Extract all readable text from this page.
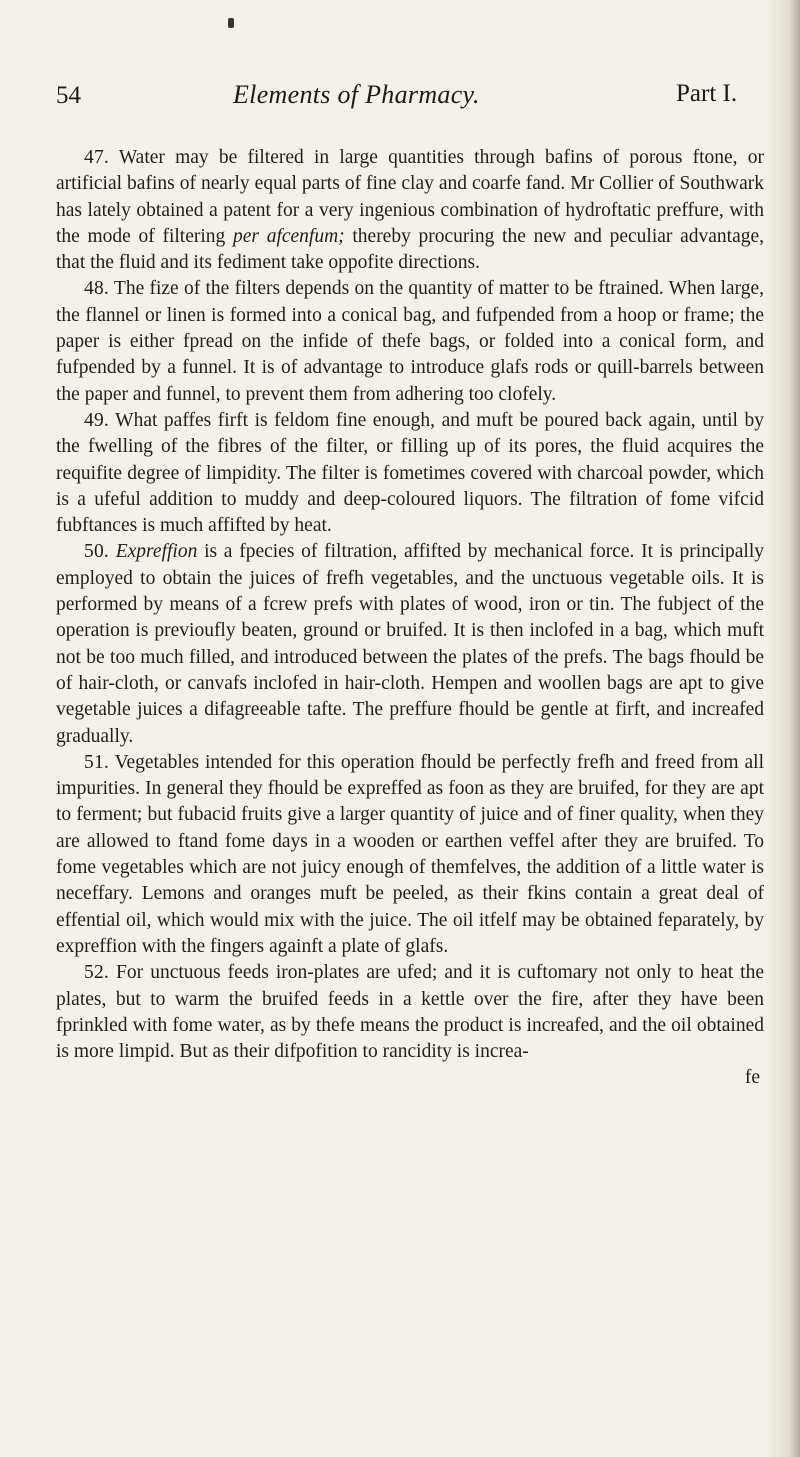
54	Elements of Pharmacy.	Part I.

47. Water may be filtered in large quantities through bafins of porous ftone, or artificial bafins of nearly equal parts of fine clay and coarfe fand. Mr Collier of Southwark has lately obtained a patent for a very ingenious combination of hydroftatic preffure, with the mode of filtering per afcenfum; thereby procuring the new and peculiar advantage, that the fluid and its fediment take oppofite directions.

48. The fize of the filters depends on the quantity of matter to be ftrained. When large, the flannel or linen is formed into a conical bag, and fufpended from a hoop or frame; the paper is either fpread on the infide of thefe bags, or folded into a conical form, and fufpended by a funnel. It is of advantage to introduce glafs rods or quill-barrels between the paper and funnel, to prevent them from adhering too clofely.

49. What paffes firft is feldom fine enough, and muft be poured back again, until by the fwelling of the fibres of the filter, or filling up of its pores, the fluid acquires the requifite degree of limpidity. The filter is fometimes covered with charcoal powder, which is a ufeful addition to muddy and deep-coloured liquors. The filtration of fome vifcid fubftances is much affifted by heat.

50. Expreffion is a fpecies of filtration, affifted by mechanical force. It is principally employed to obtain the juices of frefh vegetables, and the unctuous vegetable oils. It is performed by means of a fcrew prefs with plates of wood, iron or tin. The fubject of the operation is previoufly beaten, ground or bruifed. It is then inclofed in a bag, which muft not be too much filled, and introduced between the plates of the prefs. The bags fhould be of hair-cloth, or canvafs inclofed in hair-cloth. Hempen and woollen bags are apt to give vegetable juices a difagreeable tafte. The preffure fhould be gentle at firft, and increafed gradually.

51. Vegetables intended for this operation fhould be perfectly frefh and freed from all impurities. In general they fhould be expreffed as foon as they are bruifed, for they are apt to ferment; but fubacid fruits give a larger quantity of juice and of finer quality, when they are allowed to ftand fome days in a wooden or earthen veffel after they are bruifed. To fome vegetables which are not juicy enough of themfelves, the addition of a little water is neceffary. Lemons and oranges muft be peeled, as their fkins contain a great deal of effential oil, which would mix with the juice. The oil itfelf may be obtained feparately, by expreffion with the fingers againft a plate of glafs.

52. For unctuous feeds iron-plates are ufed; and it is cuftomary not only to heat the plates, but to warm the bruifed feeds in a kettle over the fire, after they have been fprinkled with fome water, as by thefe means the product is increafed, and the oil obtained is more limpid. But as their difpofition to rancidity is increa-

fe
